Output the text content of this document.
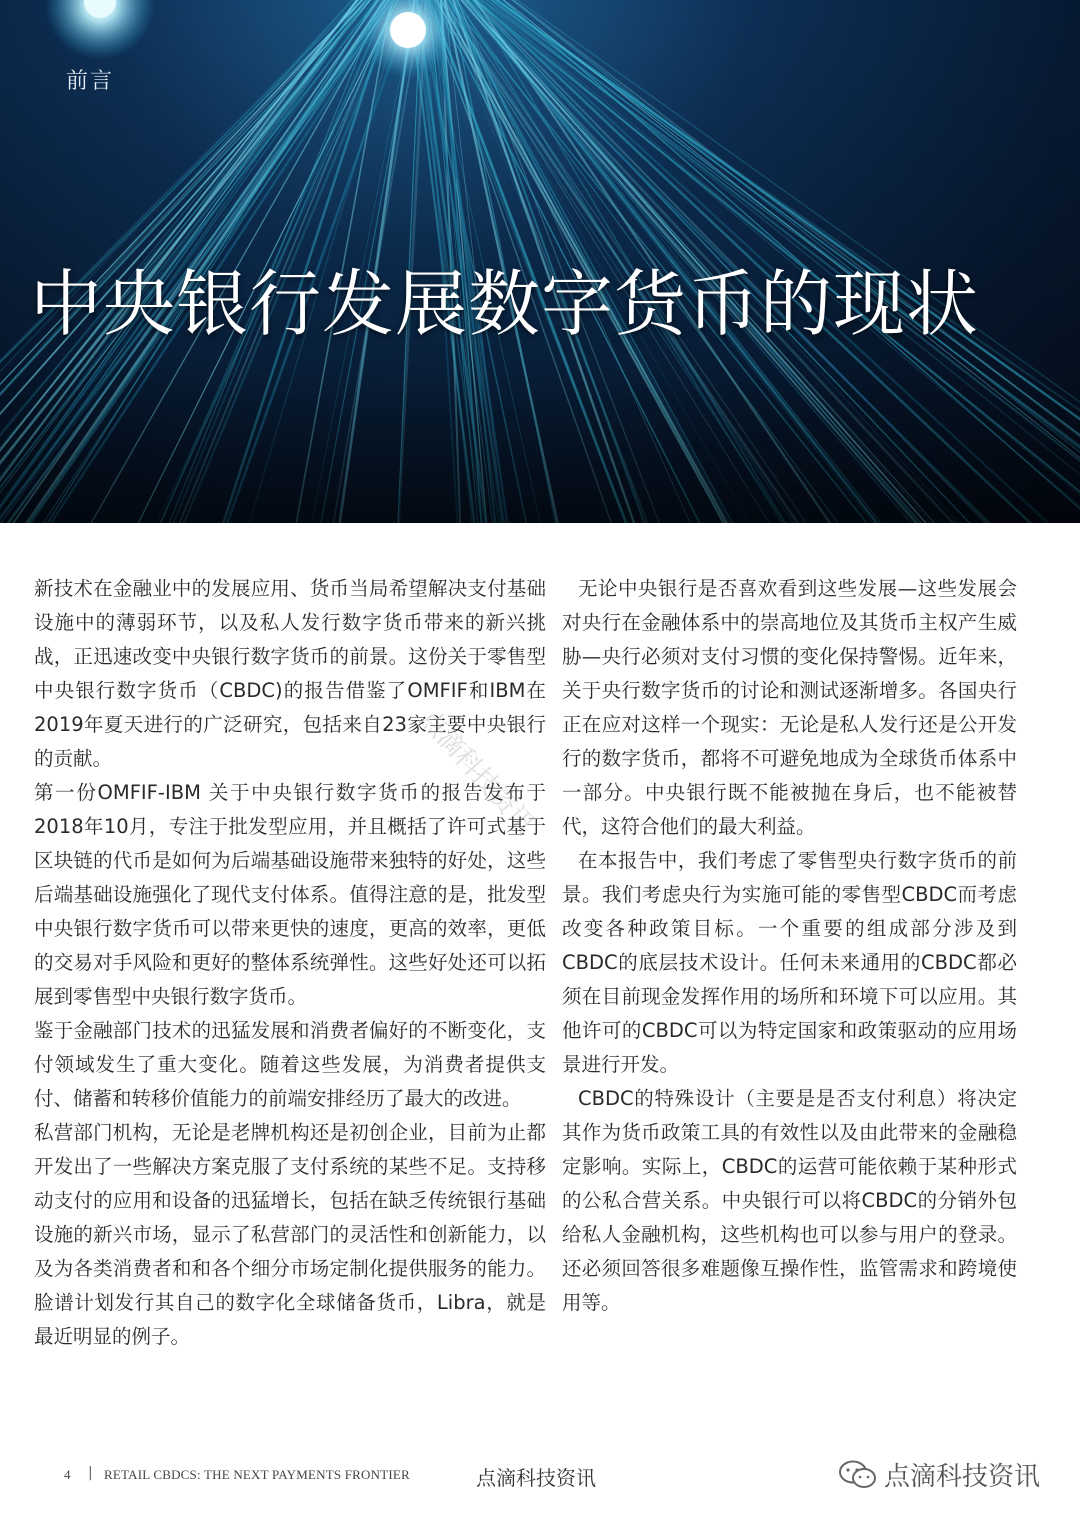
前言
中央银行发展数字货币的现状

新技术在金融业中的发展应用、货币当局希望解决支付基础设施中的薄弱环节，以及私人发行数字货币带来的新兴挑战，正迅速改变中央银行数字货币的前景。这份关于零售型中央银行数字货币（CBDC)的报告借鉴了OMFIF和IBM在2019年夏天进行的广泛研究，包括来自23家主要中央银行的贡献。

第一份OMFIF-IBM 关于中央银行数字货币的报告发布于2018年10月，专注于批发型应用，并且概括了许可式基于区块链的代币是如何为后端基础设施带来独特的好处，这些后端基础设施强化了现代支付体系。值得注意的是，批发型中央银行数字货币可以带来更快的速度，更高的效率，更低的交易对手风险和更好的整体系统弹性。这些好处还可以拓展到零售型中央银行数字货币。

鉴于金融部门技术的迅猛发展和消费者偏好的不断变化，支付领域发生了重大变化。随着这些发展，为消费者提供支付、储蓄和转移价值能力的前端安排经历了最大的改进。

私营部门机构，无论是老牌机构还是初创企业，目前为止都开发出了一些解决方案克服了支付系统的某些不足。支持移动支付的应用和设备的迅猛增长，包括在缺乏传统银行基础设施的新兴市场，显示了私营部门的灵活性和创新能力，以及为各类消费者和和各个细分市场定制化提供服务的能力。脸谱计划发行其自己的数字化全球储备货币，Libra，就是最近明显的例子。

无论中央银行是否喜欢看到这些发展—这些发展会对央行在金融体系中的崇高地位及其货币主权产生威胁—央行必须对支付习惯的变化保持警惕。近年来，关于央行数字货币的讨论和测试逐渐增多。各国央行正在应对这样一个现实：无论是私人发行还是公开发行的数字货币，都将不可避免地成为全球货币体系中一部分。中央银行既不能被抛在身后，也不能被替代，这符合他们的最大利益。

在本报告中，我们考虑了零售型央行数字货币的前景。我们考虑央行为实施可能的零售型CBDC而考虑改变各种政策目标。一个重要的组成部分涉及到CBDC的底层技术设计。任何未来通用的CBDC都必须在目前现金发挥作用的场所和环境下可以应用。其他许可的CBDC可以为特定国家和政策驱动的应用场景进行开发。

CBDC的特殊设计（主要是是否支付利息）将决定其作为货币政策工具的有效性以及由此带来的金融稳定影响。实际上，CBDC的运营可能依赖于某种形式的公私合营关系。中央银行可以将CBDC的分销外包给私人金融机构，这些机构也可以参与用户的登录。还必须回答很多难题像互操作性，监管需求和跨境使用等。

点滴科技资讯
4 | RETAIL CBDCS: THE NEXT PAYMENTS FRONTIER	点滴科技资讯	点滴科技资讯
